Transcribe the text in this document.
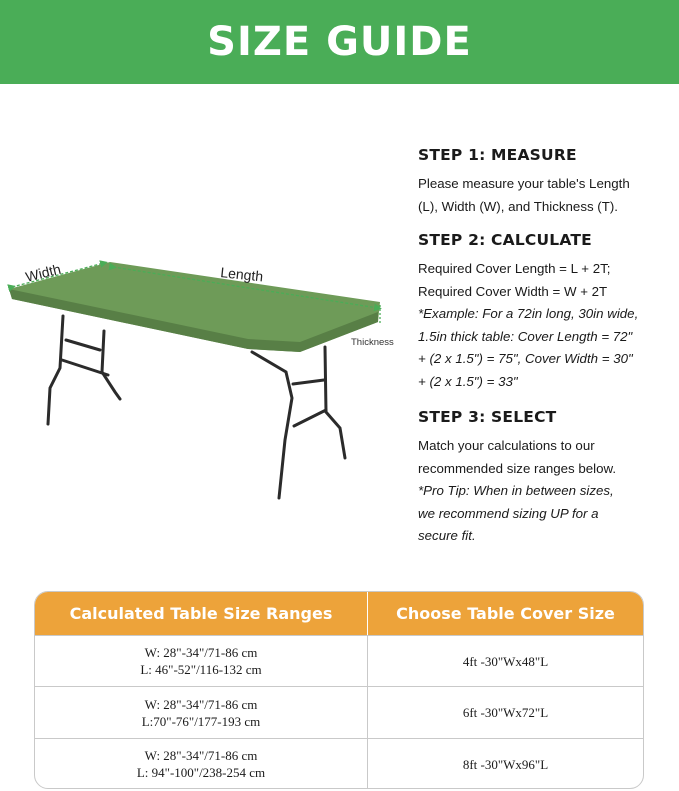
SIZE GUIDE
Width	Length
Thickness

STEP 1: MEASURE

Please measure your table's Length
(L), Width (W), and Thickness (T).

STEP 2: CALCULATE

Required Cover Length = L + 2T;
Required Cover Width = W + 2T
*Example: For a 72in long, 30in wide,
1.5in thick table: Cover Length = 72"
+ (2 x 1.5") = 75", Cover Width = 30"
+ (2 x 1.5") = 33"

STEP 3: SELECT

Match your calculations to our
recommended size ranges below.
*Pro Tip: When in between sizes,
we recommend sizing UP for a
secure fit.

Calculated Table Size Ranges	Choose Table Cover Size
W: 28"-34"/71-86 cm
L: 46"-52"/116-132 cm
4ft -30"Wx48"L
W: 28"-34"/71-86 cm
L:70"-76"/177-193 cm
6ft -30"Wx72"L
W: 28"-34"/71-86 cm
L: 94"-100"/238-254 cm
8ft -30"Wx96"L
